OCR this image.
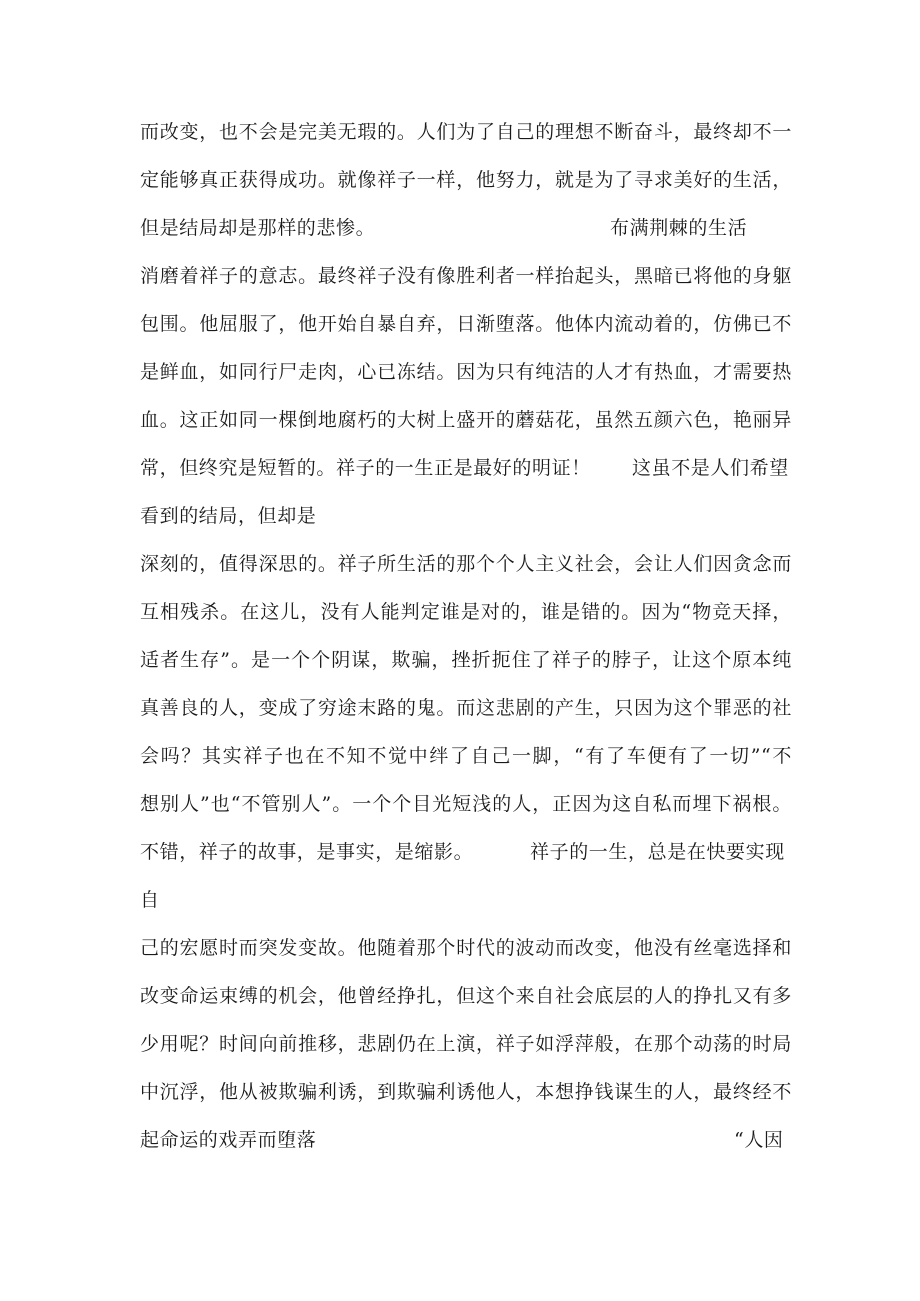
而改变，也不会是完美无瑕的。人们为了自己的理想不断奋斗，最终却不一
定能够真正获得成功。就像祥子一样，他努力，就是为了寻求美好的生活，
但是结局却是那样的悲惨。	布满荆棘的生活
消磨着祥子的意志。最终祥子没有像胜利者一样抬起头，黑暗已将他的身躯
包围。他屈服了，他开始自暴自弃，日渐堕落。他体内流动着的，仿佛已不
是鲜血，如同行尸走肉，心已冻结。因为只有纯洁的人才有热血，才需要热
血。这正如同一棵倒地腐朽的大树上盛开的蘑菇花，虽然五颜六色，艳丽异
常，但终究是短暂的。祥子的一生正是最好的明证！ 这虽不是人们希望
看到的结局，但却是
深刻的，值得深思的。祥子所生活的那个个人主义社会，会让人们因贪念而
互相残杀。在这儿，没有人能判定谁是对的，谁是错的。因为“物竞天择，
适者生存”。是一个个阴谋，欺骗，挫折扼住了祥子的脖子，让这个原本纯
真善良的人，变成了穷途末路的鬼。而这悲剧的产生，只因为这个罪恶的社
会吗？其实祥子也在不知不觉中绊了自己一脚，“有了车便有了一切”“不
想别人”也“不管别人”。一个个目光短浅的人，正因为这自私而埋下祸根。
不错，祥子的故事，是事实，是缩影。	祥子的一生，总是在快要实现
自
己的宏愿时而突发变故。他随着那个时代的波动而改变，他没有丝毫选择和
改变命运束缚的机会，他曾经挣扎，但这个来自社会底层的人的挣扎又有多
少用呢？时间向前推移，悲剧仍在上演，祥子如浮萍般，在那个动荡的时局
中沉浮，他从被欺骗利诱，到欺骗利诱他人，本想挣钱谋生的人，最终经不
起命运的戏弄而堕落	“人因
